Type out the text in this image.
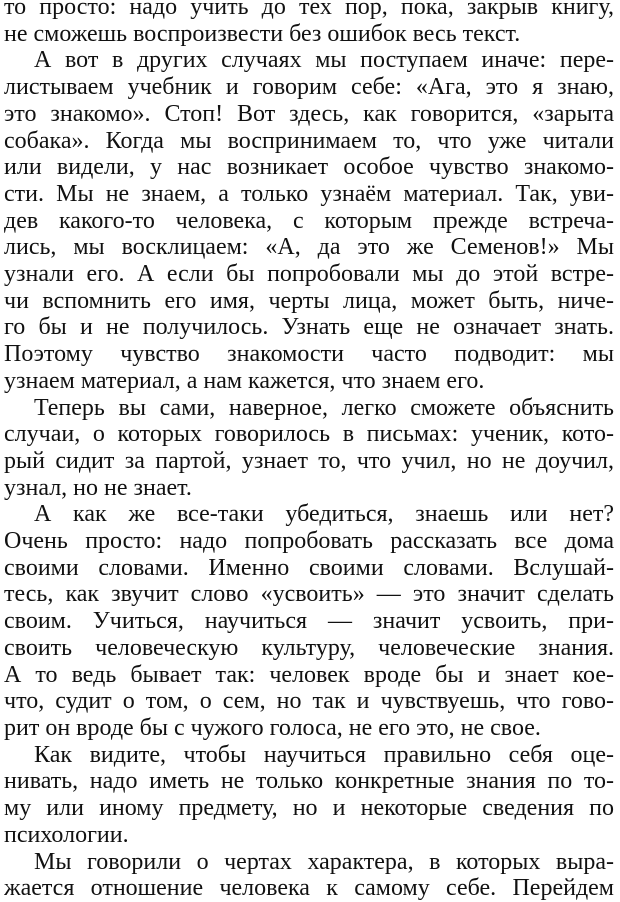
то просто: надо учить до тех пор, пока, закрыв книгу,
не сможешь воспроизвести без ошибок весь текст.
А вот в других случаях мы поступаем иначе: пере-
листываем учебник и говорим себе: «Ага, это я знаю,
это знакомо». Стоп! Вот здесь, как говорится, «зарыта
собака». Когда мы воспринимаем то, что уже читали
или видели, у нас возникает особое чувство знакомо-
сти. Мы не знаем, а только узнаём материал. Так, уви-
дев какого-то человека, с которым прежде встреча-
лись, мы восклицаем: «А, да это же Семенов!» Мы
узнали его. А если бы попробовали мы до этой встре-
чи вспомнить его имя, черты лица, может быть, ниче-
го бы и не получилось. Узнать еще не означает знать.
Поэтому чувство знакомости часто подводит: мы
узнаем материал, а нам кажется, что знаем его.
Теперь вы сами, наверное, легко сможете объяснить
случаи, о которых говорилось в письмах: ученик, кото-
рый сидит за партой, узнает то, что учил, но не доучил,
узнал, но не знает.
А как же все-таки убедиться, знаешь или нет?
Очень просто: надо попробовать рассказать все дома
своими словами. Именно своими словами. Вслушай-
тесь, как звучит слово «усвоить» — это значит сделать
своим. Учиться, научиться — значит усвоить, при-
своить человеческую культуру, человеческие знания.
А то ведь бывает так: человек вроде бы и знает кое-
что, судит о том, о сем, но так и чувствуешь, что гово-
рит он вроде бы с чужого голоса, не его это, не свое.
Как видите, чтобы научиться правильно себя оце-
нивать, надо иметь не только конкретные знания по то-
му или иному предмету, но и некоторые сведения по
психологии.
Мы говорили о чертах характера, в которых выра-
жается отношение человека к самому себе. Перейдем
